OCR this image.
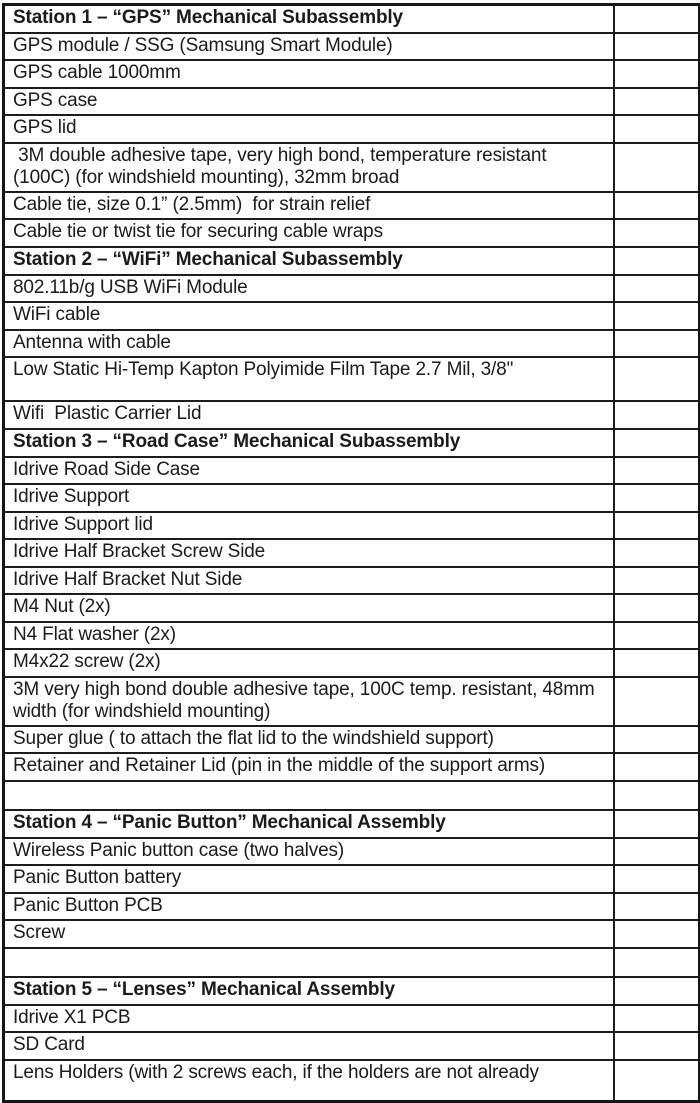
Station 1 – “GPS” Mechanical Subassembly	
GPS module / SSG (Samsung Smart Module)	
GPS cable 1000mm	
GPS case	
GPS lid	
3M double adhesive tape, very high bond, temperature resistant (100C) (for windshield mounting), 32mm broad	
Cable tie, size 0.1” (2.5mm)  for strain relief	
Cable tie or twist tie for securing cable wraps	
Station 2 – “WiFi” Mechanical Subassembly	
802.11b/g USB WiFi Module	
WiFi cable	
Antenna with cable	
Low Static Hi-Temp Kapton Polyimide Film Tape 2.7 Mil, 3/8"	
Wifi  Plastic Carrier Lid	
Station 3 – “Road Case” Mechanical Subassembly	
Idrive Road Side Case	
Idrive Support	
Idrive Support lid	
Idrive Half Bracket Screw Side	
Idrive Half Bracket Nut Side	
M4 Nut (2x)	
N4 Flat washer (2x)	
M4x22 screw (2x)	
3M very high bond double adhesive tape, 100C temp. resistant, 48mm width (for windshield mounting)	
Super glue ( to attach the flat lid to the windshield support)	
Retainer and Retainer Lid (pin in the middle of the support arms)	

Station 4 – “Panic Button” Mechanical Assembly	
Wireless Panic button case (two halves)	
Panic Button battery	
Panic Button PCB	
Screw	

Station 5 – “Lenses” Mechanical Assembly	
Idrive X1 PCB	
SD Card	
Lens Holders (with 2 screws each, if the holders are not already	
